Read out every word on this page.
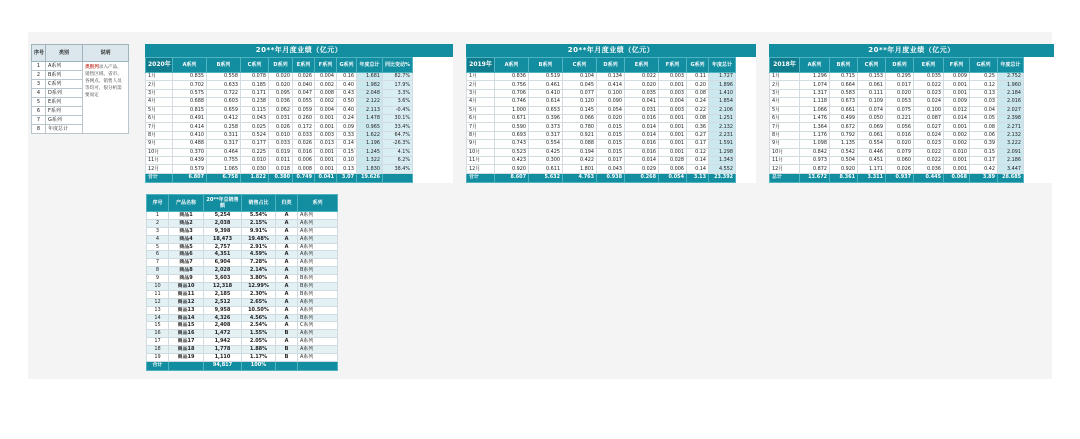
序号	类别	说明
1	A系列	类别列录入产品、销售区域、省市、各网点、销售人员等均可，很分析需要而定
2	B系列	
3	C系列	
4	D系列	
5	E系列	
6	F系列	
7	G系列	
8	年度总计	
20**年月度业绩（亿元）
2020年	A系列	B系列	C系列	D系列	E系列	F系列	G系列	年度总计	同比变动%
1月	0.835	0.558	0.078	0.020	0.026	0.004	0.16	1.681	82.7%
2月	0.702	0.633	0.185	0.020	0.040	0.002	0.40	1.982	17.9%
3月	0.575	0.722	0.171	0.095	0.047	0.008	0.43	2.048	3.3%
4月	0.688	0.603	0.238	0.036	0.055	0.002	0.50	2.122	3.6%
5月	0.815	0.659	0.115	0.062	0.059	0.004	0.40	2.113	-0.4%
6月	0.491	0.412	0.043	0.031	0.260	0.001	0.24	1.478	30.1%
7月	0.414	0.258	0.025	0.026	0.172	0.001	0.09	0.965	33.4%
8月	0.410	0.311	0.524	0.010	0.033	0.003	0.33	1.622	64.7%
9月	0.488	0.317	0.177	0.033	0.026	0.013	0.14	1.196	-26.3%
10月	0.370	0.464	0.225	0.019	0.016	0.001	0.15	1.245	4.1%
11月	0.439	0.755	0.010	0.011	0.006	0.001	0.10	1.322	6.2%
12月	0.579	1.065	0.030	0.018	0.008	0.001	0.13	1.830	38.4%
合计	6.807	6.758	1.822	0.380	0.749	0.041	3.07	19.626	
20**年月度业绩（亿元）
2019年	A系列	B系列	C系列	D系列	E系列	F系列	G系列	年度总计
1月	0.836	0.519	0.104	0.134	0.022	0.003	0.11	1.727
2月	0.756	0.461	0.045	0.414	0.020	0.001	0.20	1.896
3月	0.706	0.410	0.077	0.100	0.035	0.003	0.08	1.410
4月	0.746	0.614	0.120	0.090	0.041	0.004	0.24	1.854
5月	1.000	0.653	0.145	0.054	0.031	0.003	0.22	2.106
6月	0.671	0.396	0.066	0.020	0.016	0.001	0.08	1.251
7月	0.590	0.373	0.780	0.015	0.014	0.001	0.36	2.132
8月	0.693	0.317	0.921	0.015	0.014	0.001	0.27	2.231
9月	0.743	0.554	0.088	0.015	0.016	0.001	0.17	1.591
10月	0.523	0.425	0.194	0.015	0.016	0.001	0.12	1.298
11月	0.423	0.300	0.422	0.017	0.014	0.028	0.14	1.343
12月	0.920	0.611	1.801	0.043	0.029	0.006	0.14	4.552
合计	8.607	5.632	4.763	0.938	0.268	0.054	3.13	23.392
20**年月度业绩（亿元）
2018年	A系列	B系列	C系列	D系列	E系列	F系列	G系列	年度总计
1月	1.296	0.715	0.153	0.295	0.035	0.009	0.25	2.752
2月	1.074	0.664	0.061	0.017	0.022	0.001	0.12	1.960
3月	1.317	0.583	0.111	0.020	0.023	0.001	0.13	2.184
4月	1.118	0.673	0.109	0.053	0.024	0.009	0.03	2.016
5月	1.066	0.661	0.074	0.075	0.100	0.012	0.04	2.027
6月	1.476	0.499	0.050	0.221	0.087	0.014	0.05	2.398
7月	1.364	0.672	0.069	0.056	0.027	0.001	0.08	2.271
8月	1.176	0.792	0.061	0.016	0.024	0.002	0.06	2.132
9月	1.098	1.135	0.554	0.020	0.023	0.002	0.39	3.222
10月	0.842	0.542	0.446	0.079	0.022	0.010	0.15	2.091
11月	0.973	0.504	0.451	0.060	0.022	0.001	0.17	2.186
12月	0.872	0.920	1.171	0.026	0.036	0.001	0.42	3.447
总计	13.672	8.361	3.311	0.937	0.445	0.068	3.89	28.685
序号	产品名称	20**年总销售额	销售占比	归类	系列
1	商品1	5,254	5.54%	A	A系列
2	商品2	2,038	2.15%	A	A系列
3	商品3	9,398	9.91%	A	A系列
4	商品4	18,473	19.48%	A	A系列
5	商品5	2,757	2.91%	A	A系列
6	商品6	4,351	4.59%	A	A系列
7	商品7	6,904	7.28%	A	A系列
8	商品8	2,028	2.14%	A	B系列
9	商品9	3,603	3.80%	A	B系列
10	商品10	12,318	12.99%	A	B系列
11	商品11	2,185	2.30%	A	B系列
12	商品12	2,512	2.65%	A	A系列
13	商品13	9,958	10.50%	A	A系列
14	商品14	4,326	4.56%	A	B系列
15	商品15	2,408	2.54%	A	C系列
16	商品16	1,472	1.55%	B	A系列
17	商品17	1,942	2.05%	A	A系列
18	商品18	1,778	1.88%	B	A系列
19	商品19	1,110	1.17%	B	A系列
合计		94,817	100%		
